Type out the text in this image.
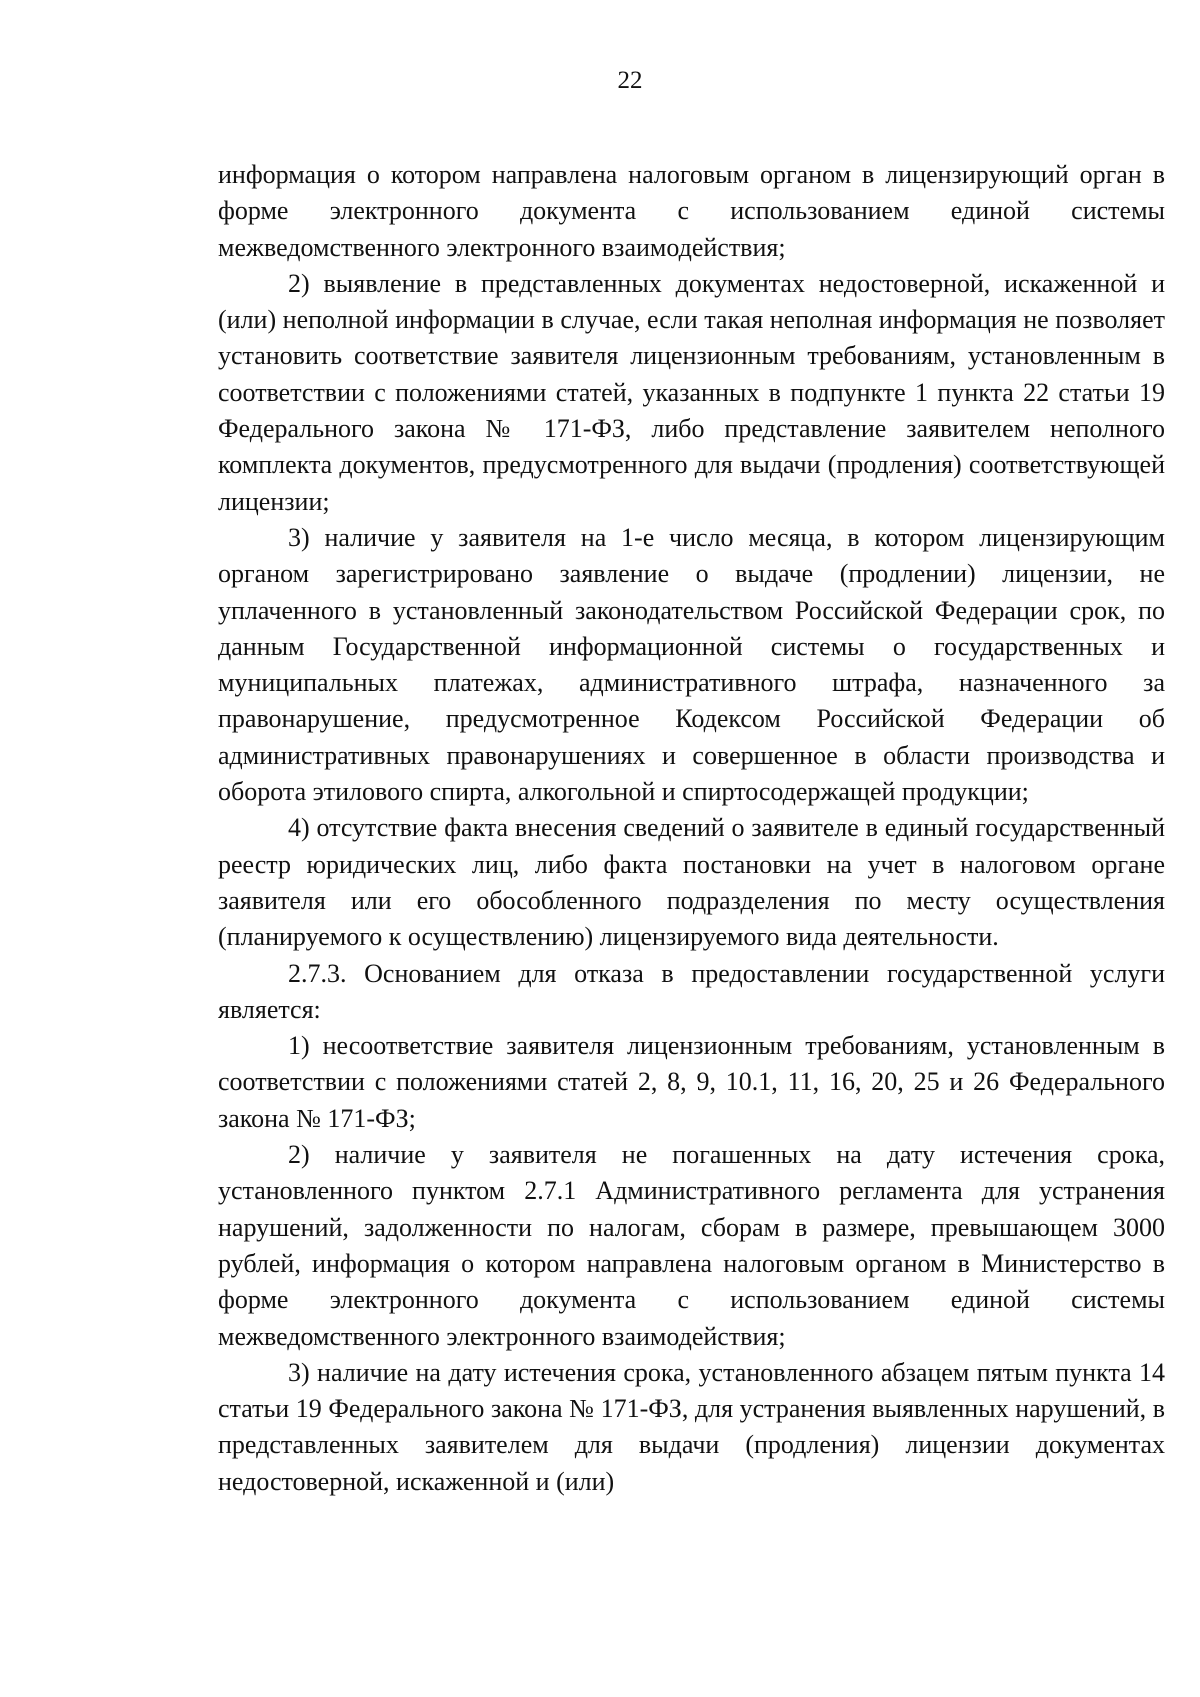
22

информация о котором направлена налоговым органом в лицензирующий орган в форме электронного документа с использованием единой системы межведомственного электронного взаимодействия;

2) выявление в представленных документах недостоверной, искаженной и (или) неполной информации в случае, если такая неполная информация не позволяет установить соответствие заявителя лицензионным требованиям, установленным в соответствии с положениями статей, указанных в подпункте 1 пункта 22 статьи 19 Федерального закона № 171-ФЗ, либо представление заявителем неполного комплекта документов, предусмотренного для выдачи (продления) соответствующей лицензии;

3) наличие у заявителя на 1-е число месяца, в котором лицензирующим органом зарегистрировано заявление о выдаче (продлении) лицензии, не уплаченного в установленный законодательством Российской Федерации срок, по данным Государственной информационной системы о государственных и муниципальных платежах, административного штрафа, назначенного за правонарушение, предусмотренное Кодексом Российской Федерации об административных правонарушениях и совершенное в области производства и оборота этилового спирта, алкогольной и спиртосодержащей продукции;

4) отсутствие факта внесения сведений о заявителе в единый государственный реестр юридических лиц, либо факта постановки на учет в налоговом органе заявителя или его обособленного подразделения по месту осуществления (планируемого к осуществлению) лицензируемого вида деятельности.

2.7.3. Основанием для отказа в предоставлении государственной услуги является:

1) несоответствие заявителя лицензионным требованиям, установленным в соответствии с положениями статей 2, 8, 9, 10.1, 11, 16, 20, 25 и 26 Федерального закона № 171-ФЗ;

2) наличие у заявителя не погашенных на дату истечения срока, установленного пунктом 2.7.1 Административного регламента для устранения нарушений, задолженности по налогам, сборам в размере, превышающем 3000 рублей, информация о котором направлена налоговым органом в Министерство в форме электронного документа с использованием единой системы межведомственного электронного взаимодействия;

3) наличие на дату истечения срока, установленного абзацем пятым пункта 14 статьи 19 Федерального закона № 171-ФЗ, для устранения выявленных нарушений, в представленных заявителем для выдачи (продления) лицензии документах недостоверной, искаженной и (или)
